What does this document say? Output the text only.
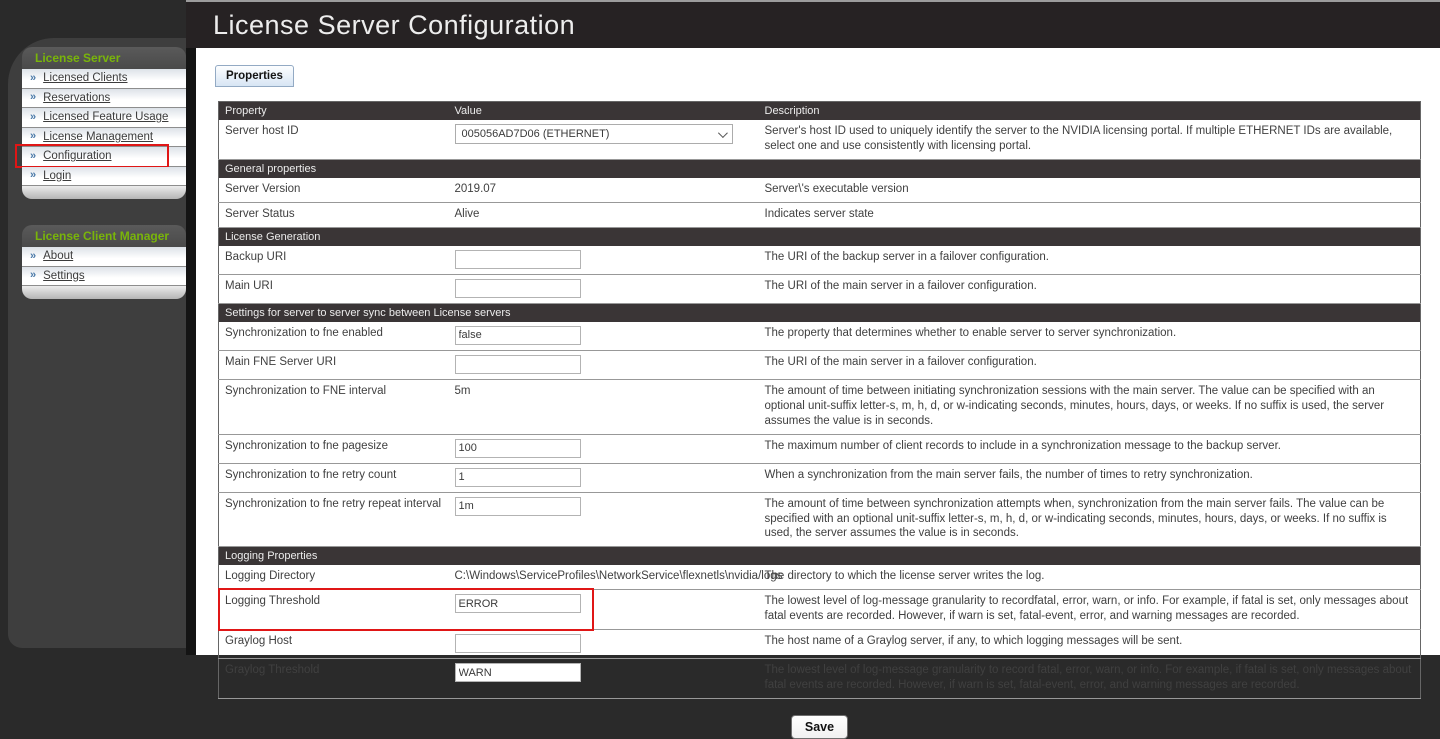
License Server
» Licensed Clients
» Reservations
» Licensed Feature Usage
» License Management
» Configuration
» Login
License Client Manager
» About
» Settings
License Server Configuration
Properties
Property	Value	Description
Server host ID	005056AD7D06 (ETHERNET)	Server's host ID used to uniquely identify the server to the NVIDIA licensing portal. If multiple ETHERNET IDs are available, select one and use consistently with licensing portal.
General properties		
Server Version	2019.07	Server\'s executable version
Server Status	Alive	Indicates server state
License Generation		
Backup URI		The URI of the backup server in a failover configuration.
Main URI		The URI of the main server in a failover configuration.
Settings for server to server sync between License servers		
Synchronization to fne enabled	false	The property that determines whether to enable server to server synchronization.
Main FNE Server URI		The URI of the main server in a failover configuration.
Synchronization to FNE interval	5m	The amount of time between initiating synchronization sessions with the main server. The value can be specified with an optional unit-suffix letter-s, m, h, d, or w-indicating seconds, minutes, hours, days, or weeks. If no suffix is used, the server assumes the value is in seconds.
Synchronization to fne pagesize	100	The maximum number of client records to include in a synchronization message to the backup server.
Synchronization to fne retry count	1	When a synchronization from the main server fails, the number of times to retry synchronization.
Synchronization to fne retry repeat interval	1m	The amount of time between synchronization attempts when, synchronization from the main server fails. The value can be specified with an optional unit-suffix letter-s, m, h, d, or w-indicating seconds, minutes, hours, days, or weeks. If no suffix is used, the server assumes the value is in seconds.
Logging Properties		
Logging Directory	C:\Windows\ServiceProfiles\NetworkService\flexnetls\nvidia/logs	The directory to which the license server writes the log.
Logging Threshold	ERROR	The lowest level of log-message granularity to recordfatal, error, warn, or info. For example, if fatal is set, only messages about fatal events are recorded. However, if warn is set, fatal-event, error, and warning messages are recorded.
Graylog Host		The host name of a Graylog server, if any, to which logging messages will be sent.
Graylog Threshold	WARN	The lowest level of log-message granularity to record fatal, error, warn, or info. For example, if fatal is set, only messages about fatal events are recorded. However, if warn is set, fatal-event, error, and warning messages are recorded.
Save
